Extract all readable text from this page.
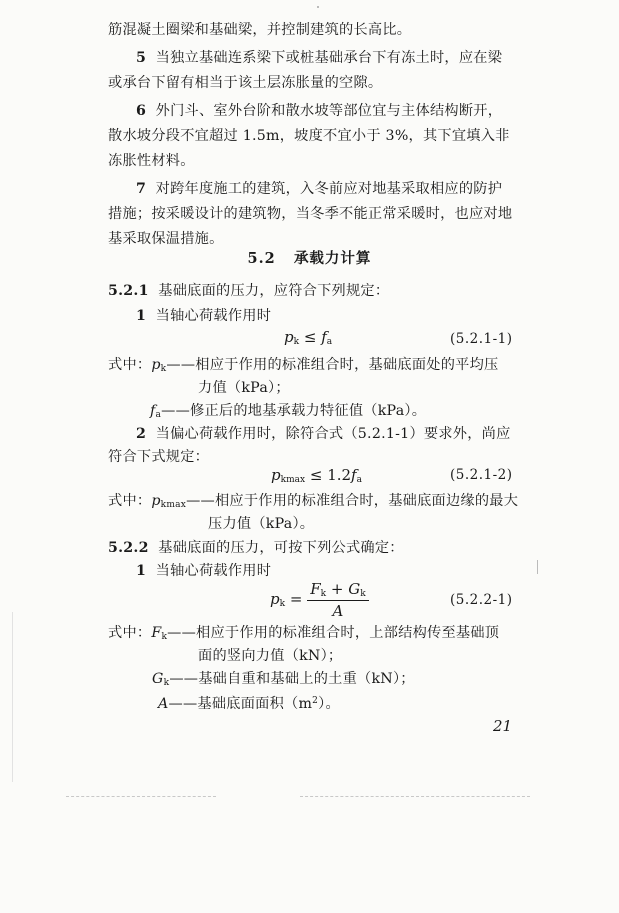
筋混凝土圈梁和基础梁，并控制建筑的长高比。
5 当独立基础连系梁下或桩基础承台下有冻土时，应在梁
或承台下留有相当于该土层冻胀量的空隙。
6 外门斗、室外台阶和散水坡等部位宜与主体结构断开，
散水坡分段不宜超过 1.5m，坡度不宜小于 3%，其下宜填入非
冻胀性材料。
7 对跨年度施工的建筑，入冬前应对地基采取相应的防护
措施；按采暖设计的建筑物，当冬季不能正常采暖时，也应对地
基采取保温措施。
5.2 承载力计算
5.2.1 基础底面的压力，应符合下列规定：
1 当轴心荷载作用时
$p_k \le f_a$	(5.2.1-1)
式中：$p_k——$相应于作用的标准组合时，基础底面处的平均压
力值（kPa）；
$f_a——$修正后的地基承载力特征值（kPa）。
2 当偏心荷载作用时，除符合式（5.2.1-1）要求外，尚应
符合下式规定：
$p_{kmax} \le 1.2f_a$	(5.2.1-2)
式中：$p_{kmax}——$相应于作用的标准组合时，基础底面边缘的最大
压力值（kPa）。
5.2.2 基础底面的压力，可按下列公式确定：
1 当轴心荷载作用时
$p_k = \frac{F_k + G_k}{A}$	(5.2.2-1)
式中：$F_k——$相应于作用的标准组合时，上部结构传至基础顶
面的竖向力值（kN）；
$G_k——$基础自重和基础上的土重（kN）；
A——基础底面面积$(m^2)$。
21
